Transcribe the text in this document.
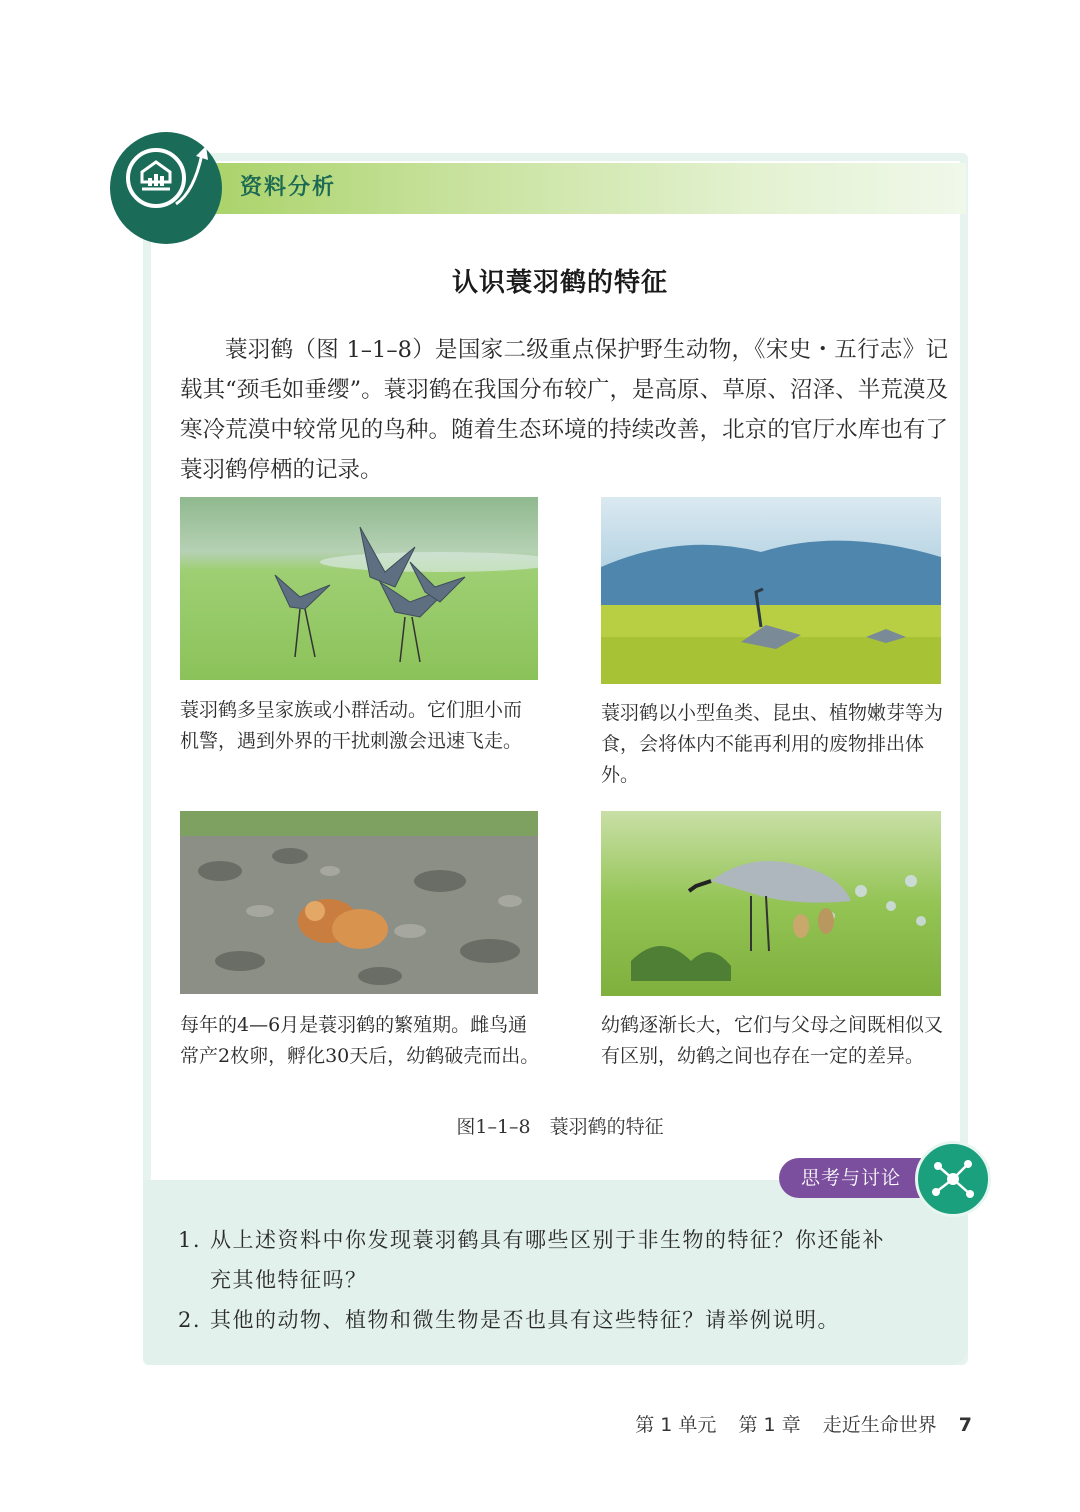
资料分析
认识蓑羽鹤的特征

蓑羽鹤（图 1–1–8）是国家二级重点保护野生动物，《宋史・五行志》记载其“颈毛如垂缨”。蓑羽鹤在我国分布较广，是高原、草原、沼泽、半荒漠及寒冷荒漠中较常见的鸟种。随着生态环境的持续改善，北京的官厅水库也有了蓑羽鹤停栖的记录。

蓑羽鹤多呈家族或小群活动。它们胆小而机警，遇到外界的干扰刺激会迅速飞走。

蓑羽鹤以小型鱼类、昆虫、植物嫩芽等为食，会将体内不能再利用的废物排出体外。

每年的4—6月是蓑羽鹤的繁殖期。雌鸟通常产2枚卵，孵化30天后，幼鹤破壳而出。

幼鹤逐渐长大，它们与父母之间既相似又有区别，幼鹤之间也存在一定的差异。

图1–1–8　蓑羽鹤的特征
思考与讨论
1. 从上述资料中你发现蓑羽鹤具有哪些区别于非生物的特征？你还能补
充其他特征吗？
2. 其他的动物、植物和微生物是否也具有这些特征？请举例说明。
第 1 单元 第 1 章 走近生命世界 7
